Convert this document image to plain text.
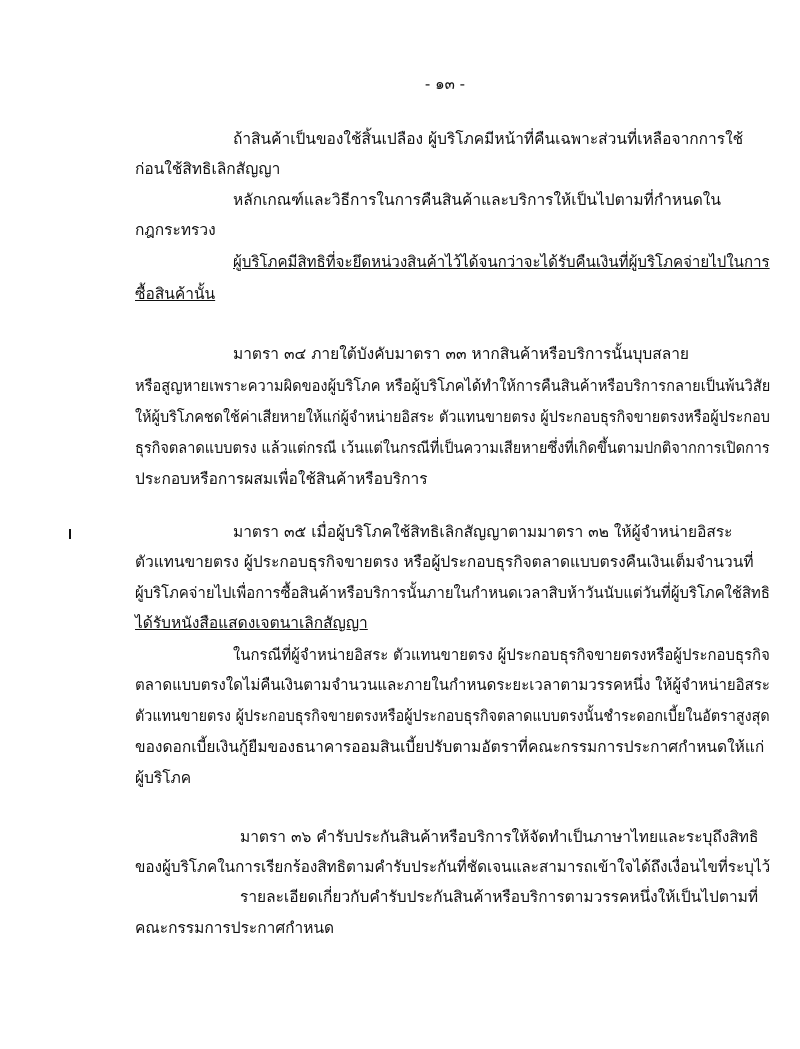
- ๑๓ -
ถ้าสินค้าเป็นของใช้สิ้นเปลือง ผู้บริโภคมีหน้าที่คืนเฉพาะส่วนที่เหลือจากการใช้
ก่อนใช้สิทธิเลิกสัญญา
หลักเกณฑ์และวิธีการในการคืนสินค้าและบริการให้เป็นไปตามที่กำหนดใน
กฎกระทรวง
ผู้บริโภคมีสิทธิที่จะยึดหน่วงสินค้าไว้ได้จนกว่าจะได้รับคืนเงินที่ผู้บริโภคจ่ายไปในการ
ซื้อสินค้านั้น
มาตรา ๓๔ ภายใต้บังคับมาตรา ๓๓ หากสินค้าหรือบริการนั้นบุบสลาย
หรือสูญหายเพราะความผิดของผู้บริโภค หรือผู้บริโภคได้ทำให้การคืนสินค้าหรือบริการกลายเป็นพ้นวิสัย
ให้ผู้บริโภคชดใช้ค่าเสียหายให้แก่ผู้จำหน่ายอิสระ ตัวแทนขายตรง ผู้ประกอบธุรกิจขายตรงหรือผู้ประกอบ
ธุรกิจตลาดแบบตรง แล้วแต่กรณี เว้นแต่ในกรณีที่เป็นความเสียหายซึ่งที่เกิดขึ้นตามปกติจากการเปิดการ
ประกอบหรือการผสมเพื่อใช้สินค้าหรือบริการ
มาตรา ๓๕ เมื่อผู้บริโภคใช้สิทธิเลิกสัญญาตามมาตรา ๓๒ ให้ผู้จำหน่ายอิสระ
ตัวแทนขายตรง ผู้ประกอบธุรกิจขายตรง หรือผู้ประกอบธุรกิจตลาดแบบตรงคืนเงินเต็มจำนวนที่
ผู้บริโภคจ่ายไปเพื่อการซื้อสินค้าหรือบริการนั้นภายในกำหนดเวลาสิบห้าวันนับแต่วันที่ผู้บริโภคใช้สิทธิ
ได้รับหนังสือแสดงเจตนาเลิกสัญญา
ในกรณีที่ผู้จำหน่ายอิสระ ตัวแทนขายตรง ผู้ประกอบธุรกิจขายตรงหรือผู้ประกอบธุรกิจ
ตลาดแบบตรงใดไม่คืนเงินตามจำนวนและภายในกำหนดระยะเวลาตามวรรคหนึ่ง ให้ผู้จำหน่ายอิสระ
ตัวแทนขายตรง ผู้ประกอบธุรกิจขายตรงหรือผู้ประกอบธุรกิจตลาดแบบตรงนั้นชำระดอกเบี้ยในอัตราสูงสุด
ของดอกเบี้ยเงินกู้ยืมของธนาคารออมสินเบี้ยปรับตามอัตราที่คณะกรรมการประกาศกำหนดให้แก่
ผู้บริโภค
มาตรา ๓๖ คำรับประกันสินค้าหรือบริการให้จัดทำเป็นภาษาไทยและระบุถึงสิทธิ
ของผู้บริโภคในการเรียกร้องสิทธิตามคำรับประกันที่ชัดเจนและสามารถเข้าใจได้ถึงเงื่อนไขที่ระบุไว้
รายละเอียดเกี่ยวกับคำรับประกันสินค้าหรือบริการตามวรรคหนึ่งให้เป็นไปตามที่
คณะกรรมการประกาศกำหนด
